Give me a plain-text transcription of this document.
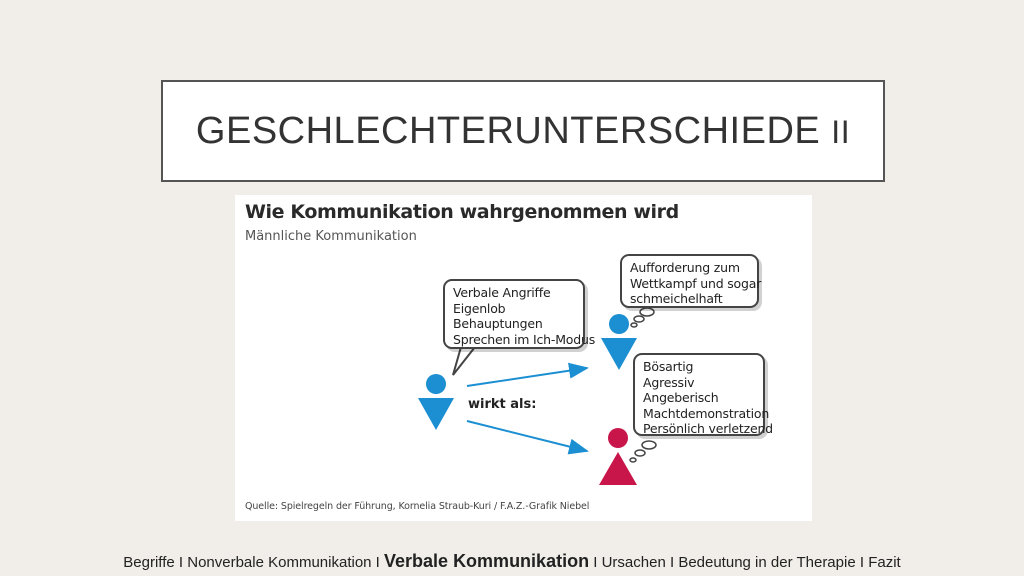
GESCHLECHTERUNTERSCHIEDE II
Wie Kommunikation wahrgenommen wird
Männliche Kommunikation
Verbale Angriffe
Eigenlob
Behauptungen
Sprechen im Ich-Modus
Aufforderung zum
Wettkampf und sogar
schmeichelhaft
Bösartig
Agressiv
Angeberisch
Machtdemonstration
Persönlich verletzend
wirkt als:
Quelle: Spielregeln der Führung, Kornelia Straub-Kuri / F.A.Z.-Grafik Niebel
Begriffe I Nonverbale Kommunikation I Verbale Kommunikation I Ursachen I Bedeutung in der Therapie I Fazit
